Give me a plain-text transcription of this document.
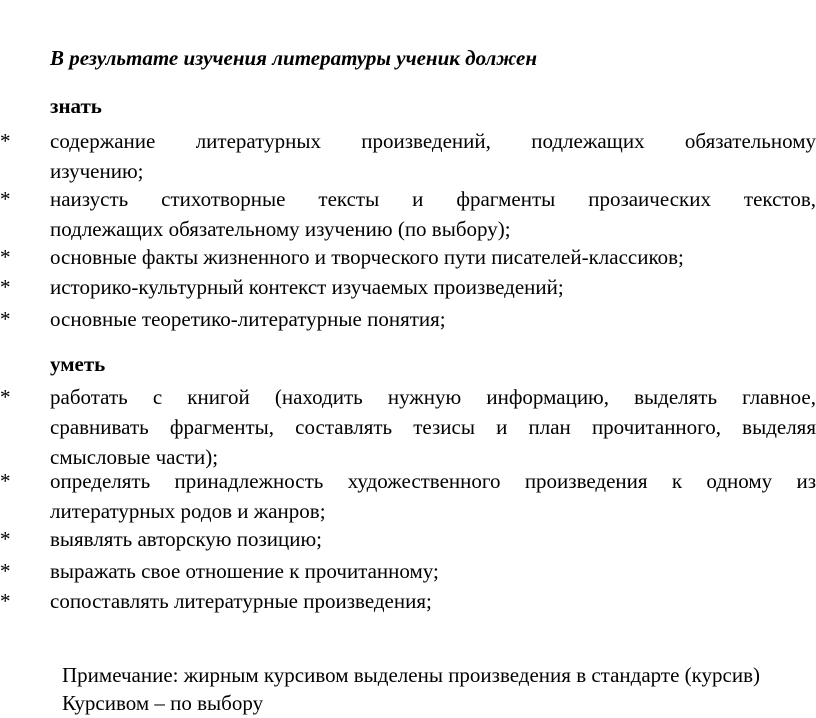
В результате изучения литературы ученик должен
знать
* содержание литературных произведений, подлежащих обязательному
изучению;
* наизусть стихотворные тексты и фрагменты прозаических текстов,
подлежащих обязательному изучению (по выбору);
* основные факты жизненного и творческого пути писателей-классиков;
* историко-культурный контекст изучаемых произведений;
* основные теоретико-литературные понятия;
уметь
* работать с книгой (находить нужную информацию, выделять главное,
сравнивать фрагменты, составлять тезисы и план прочитанного, выделяя
смысловые части);
* определять принадлежность художественного произведения к одному из
литературных родов и жанров;
* выявлять авторскую позицию;
* выражать свое отношение к прочитанному;
* сопоставлять литературные произведения;
Примечание: жирным курсивом выделены произведения в стандарте (курсив)
Курсивом – по выбору
